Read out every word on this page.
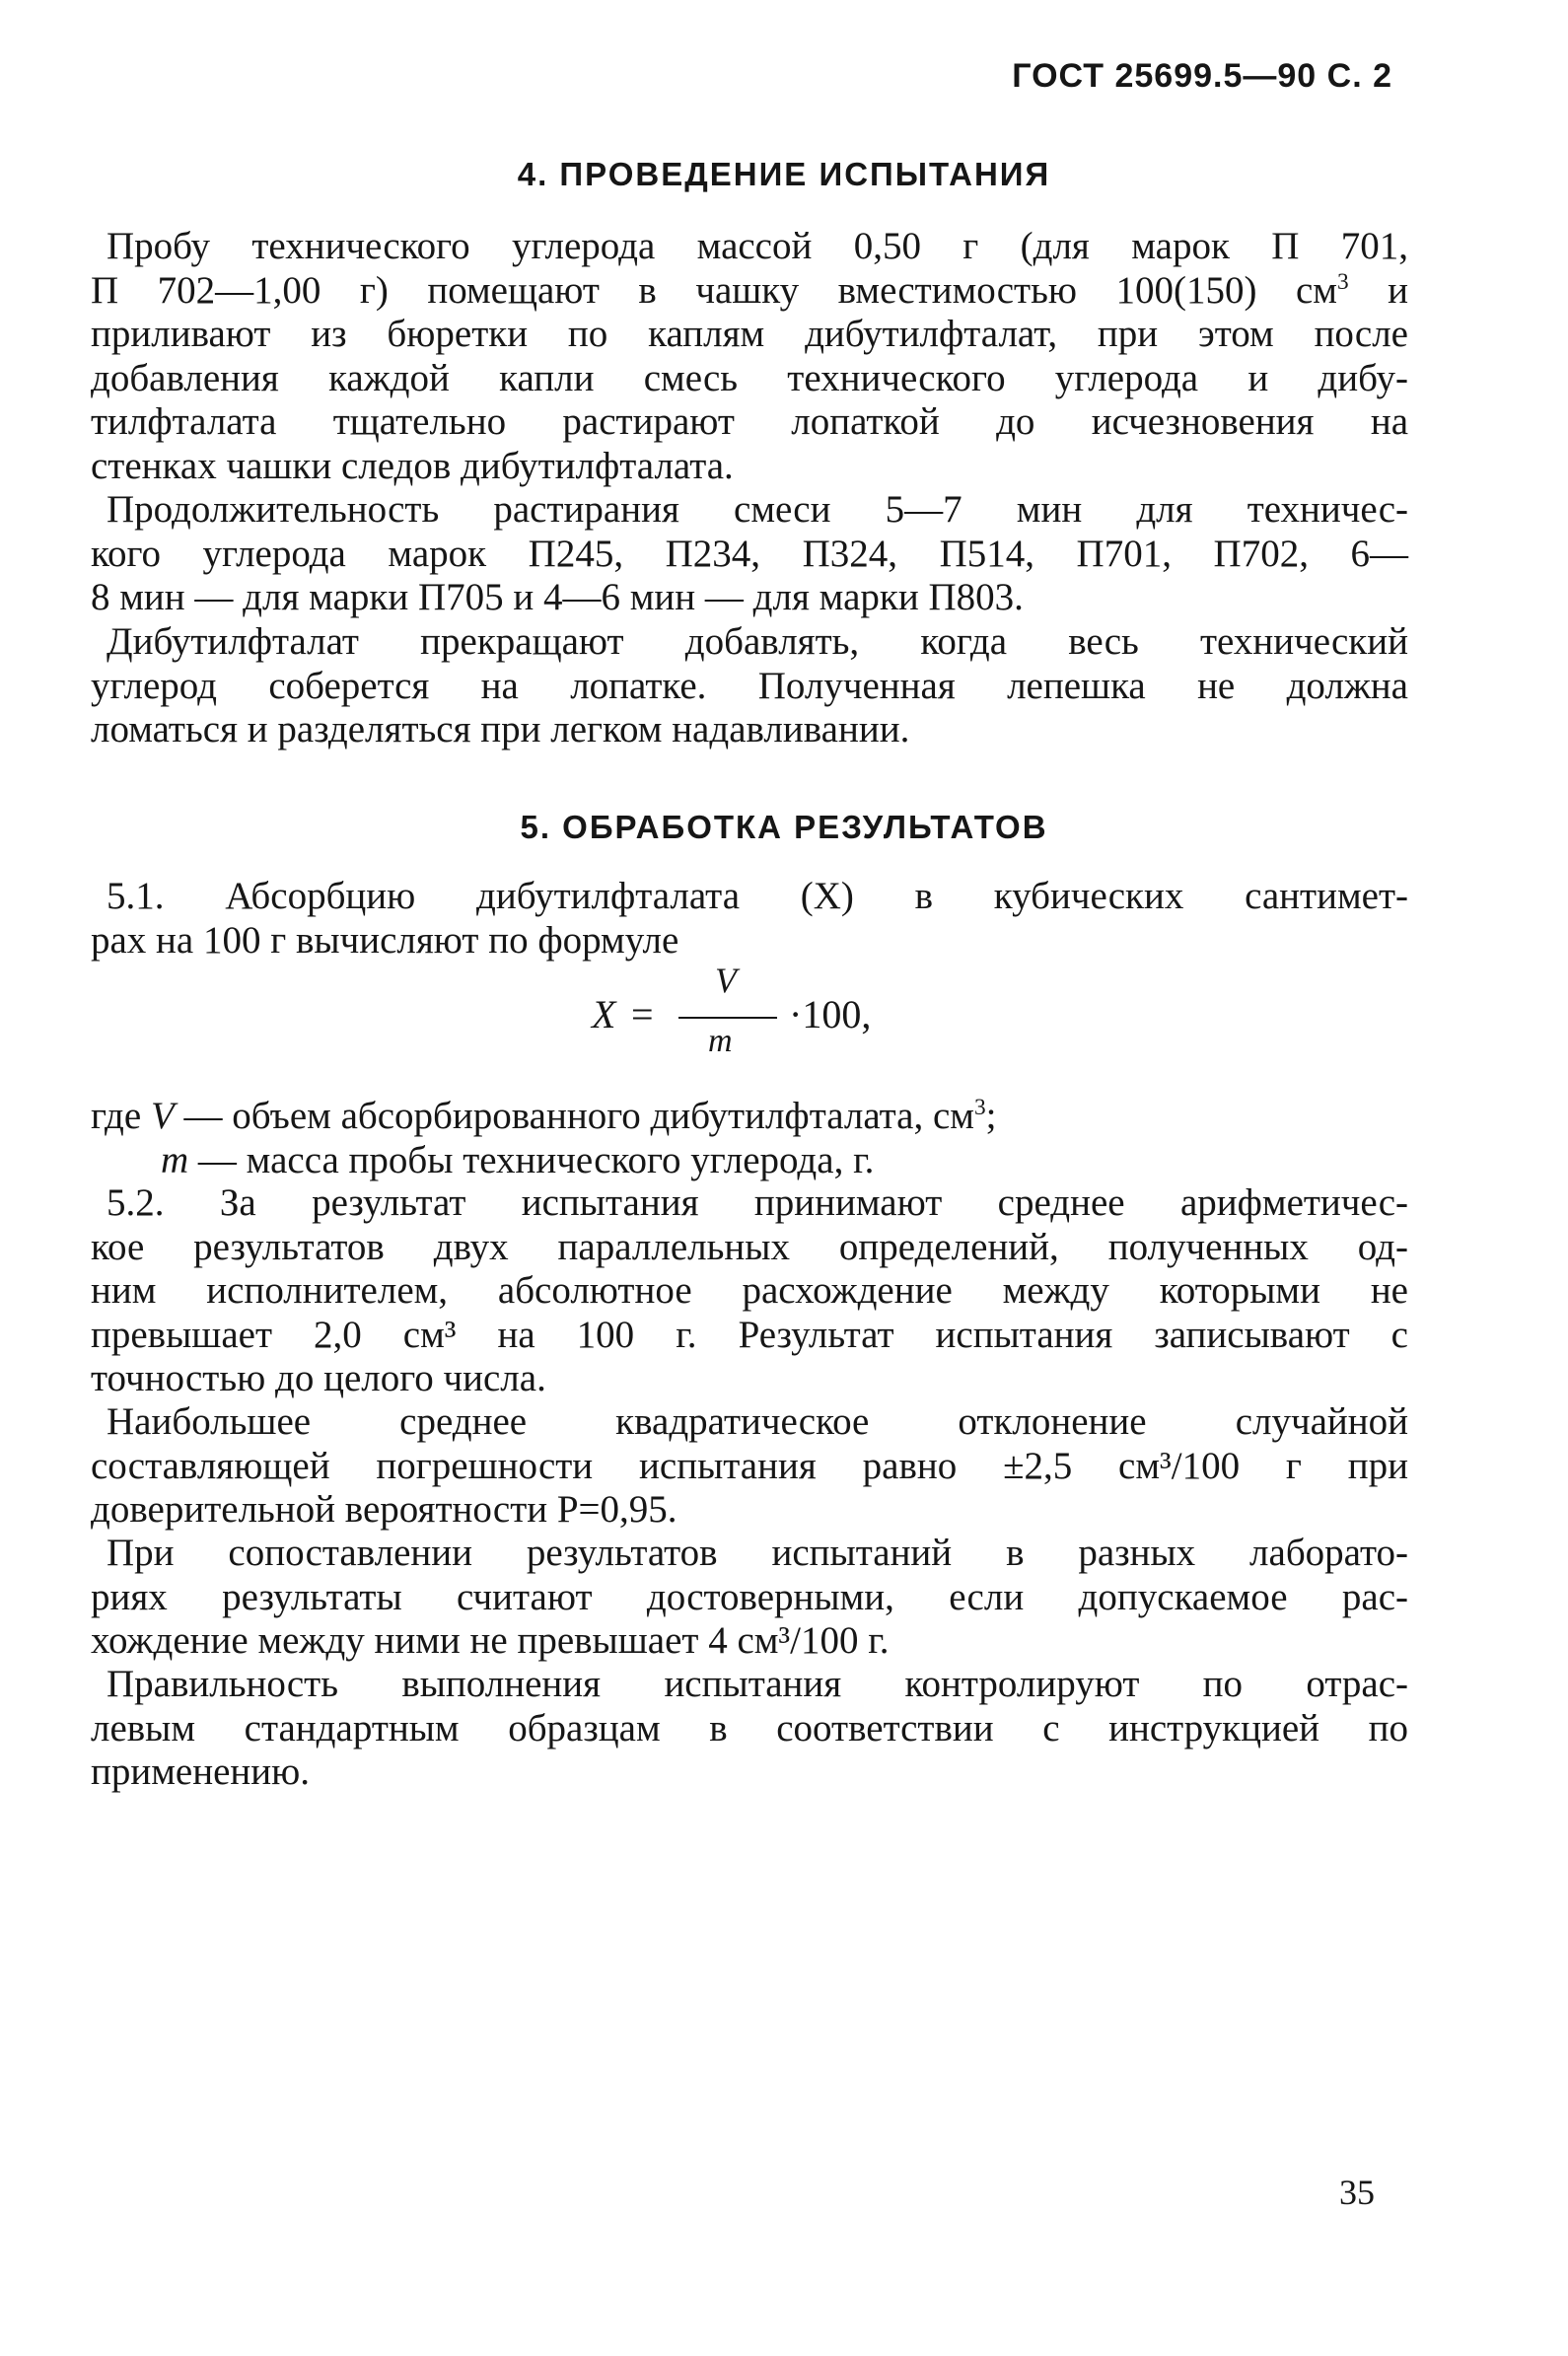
ГОСТ 25699.5—90 С. 2
4. ПРОВЕДЕНИЕ ИСПЫТАНИЯ
Пробу технического углерода массой 0,50 г (для марок П 701,
П 702—1,00 г) помещают в чашку вместимостью 100(150) $см^3$ и
приливают из бюретки по каплям дибутилфталат, при этом после
добавления каждой капли смесь технического углерода и дибу-
тилфталата тщательно растирают лопаткой до исчезновения на
стенках чашки следов дибутилфталата.
Продолжительность растирания смеси 5—7 мин для техничес-
кого углерода марок П245, П234, П324, П514, П701, П702, 6—
8 мин — для марки П705 и 4—6 мин — для марки П803.
Дибутилфталат прекращают добавлять, когда весь технический
углерод соберется на лопатке. Полученная лепешка не должна
ломаться и разделяться при легком надавливании.
5. ОБРАБОТКА РЕЗУЛЬТАТОВ
5.1. Абсорбцию дибутилфталата (X) в кубических сантимет-
рах на 100 г вычисляют по формуле
X =
V
m
·100,
где V — объем абсорбированного дибутилфталата, $см^3$;
m — масса пробы технического углерода, г.
5.2. За результат испытания принимают среднее арифметичес-
кое результатов двух параллельных определений, полученных од-
ним исполнителем, абсолютное расхождение между которыми не
превышает 2,0 см³ на 100 г. Результат испытания записывают с
точностью до целого числа.
Наибольшее среднее квадратическое отклонение случайной
составляющей погрешности испытания равно ±2,5 см³/100 г при
доверительной вероятности P=0,95.
При сопоставлении результатов испытаний в разных лаборато-
риях результаты считают достоверными, если допускаемое рас-
хождение между ними не превышает 4 см³/100 г.
Правильность выполнения испытания контролируют по отрас-
левым стандартным образцам в соответствии с инструкцией по
применению.
35
